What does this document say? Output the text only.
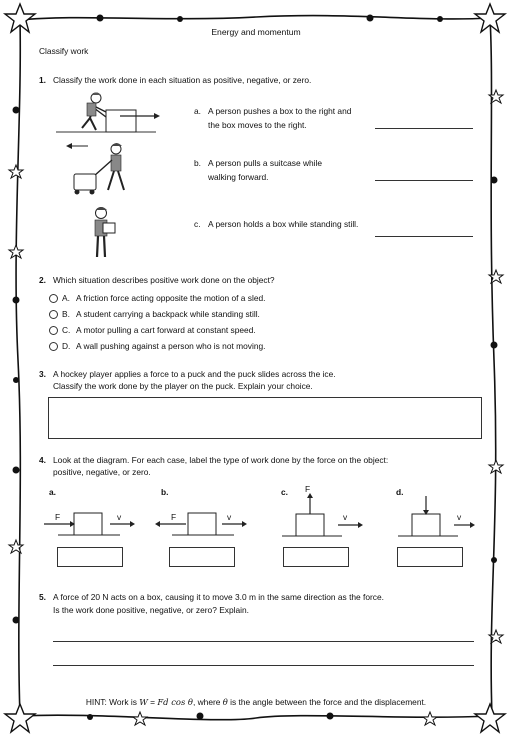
Energy and momentum
Classify work
1. Classify the work done in each situation as positive, negative, or zero.
a. A person pushes a box to the right and
the box moves to the right.
b. A person pulls a suitcase while
walking forward.
c. A person holds a box while standing still.
2. Which situation describes positive work done on the object?
A. A friction force acting opposite the motion of a sled.
B. A student carrying a backpack while standing still.
C. A motor pulling a cart forward at constant speed.
D. A wall pushing against a person who is not moving.
3. A hockey player applies a force to a puck and the puck slides across the ice.
Classify the work done by the player on the puck. Explain your choice.
4. Look at the diagram. For each case, label the type of work done by the force on the object:
positive, negative, or zero.
a.
F	v
b.
F	v
c. F
v
d.
v
5. A force of 20 N acts on a box, causing it to move 3.0 m in the same direction as the force.
Is the work done positive, negative, or zero? Explain.
HINT: Work is W = Fd cos θ, where θ is the angle between the force and the displacement.
